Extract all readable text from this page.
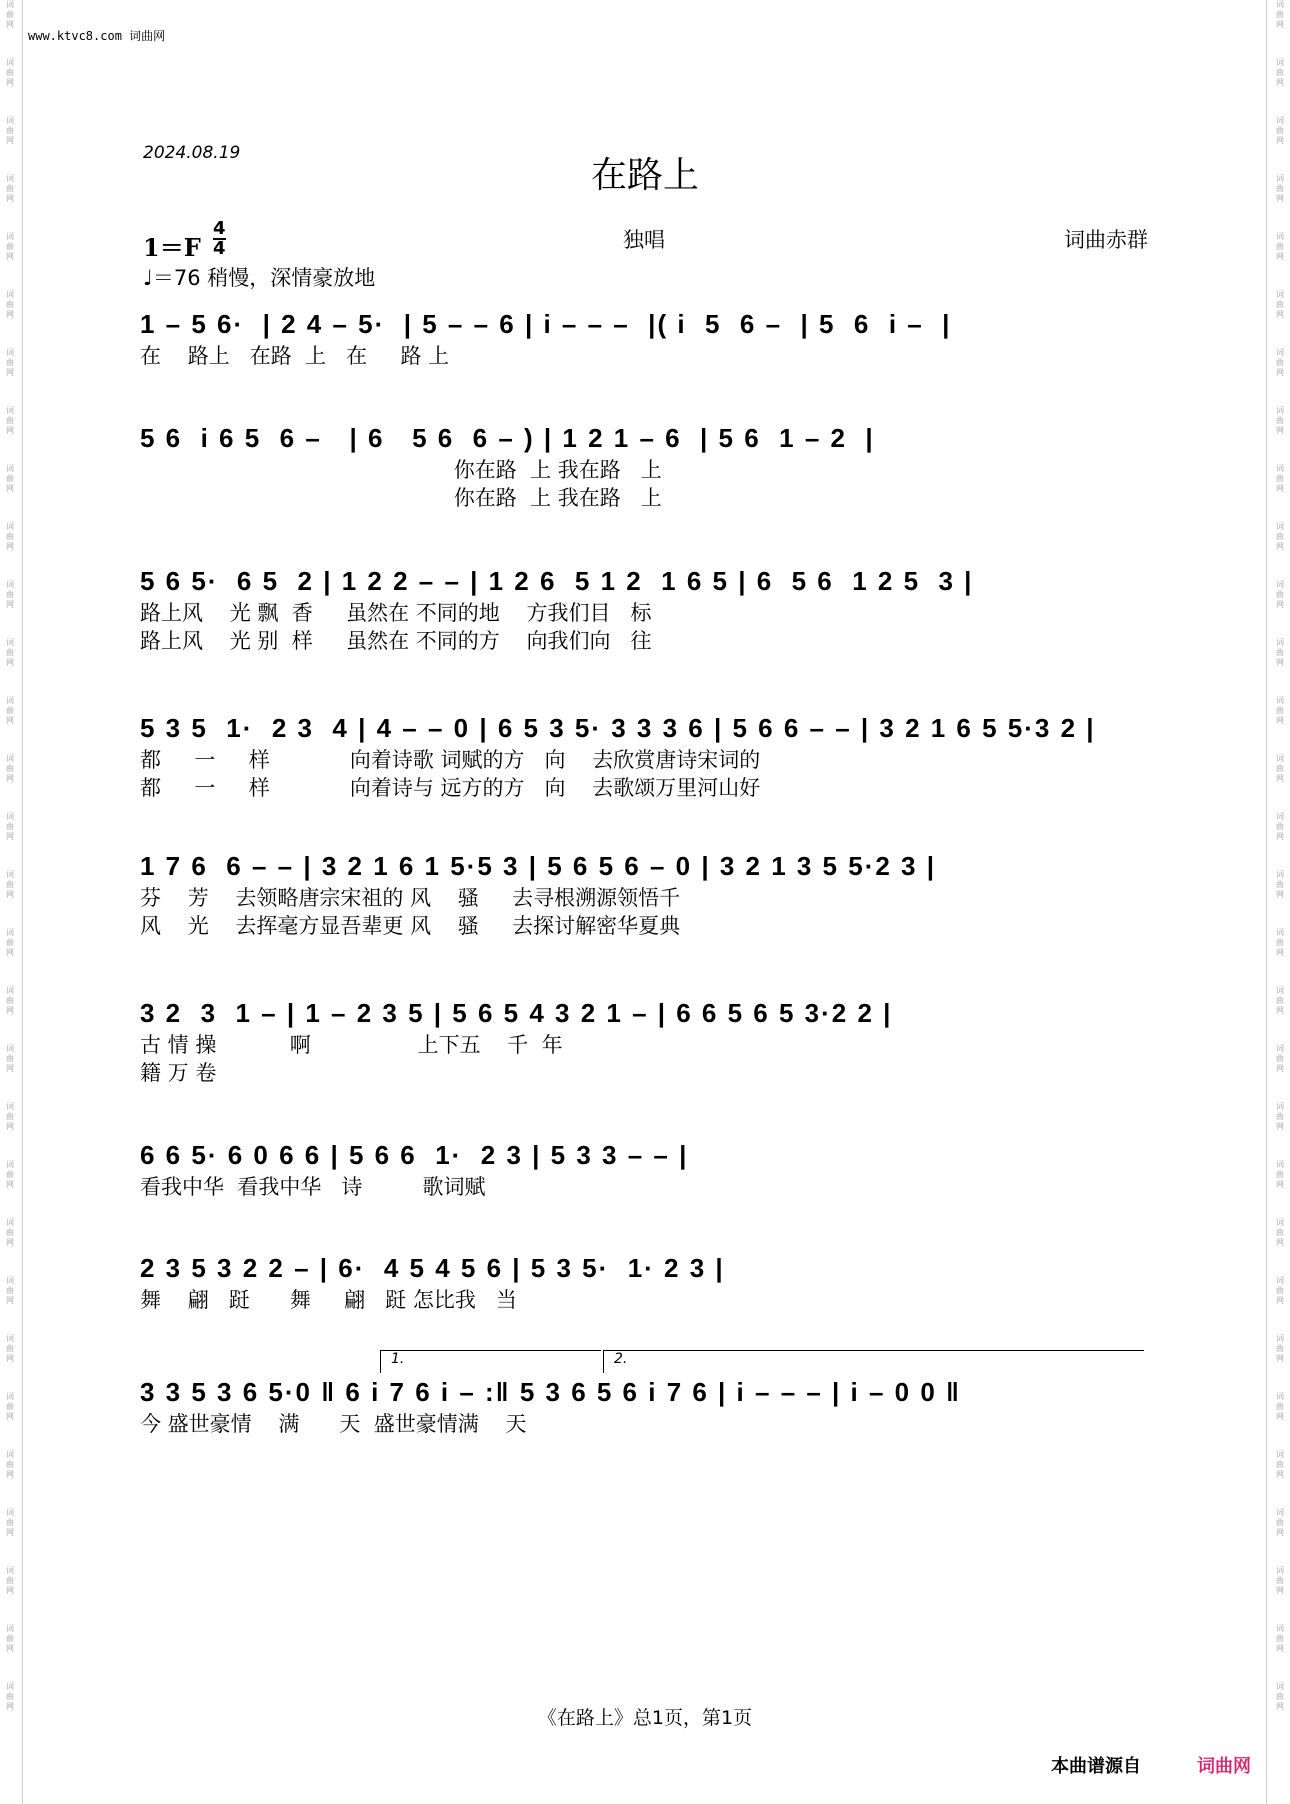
词曲网
词曲网
词曲网
词曲网
词曲网
词曲网
词曲网
词曲网
词曲网
词曲网
词曲网
词曲网
词曲网
词曲网
词曲网
词曲网
词曲网
词曲网
词曲网
词曲网
词曲网
词曲网
词曲网
词曲网
词曲网
词曲网
词曲网
词曲网
词曲网
词曲网
词曲网
词曲网
词曲网
词曲网
词曲网
词曲网
词曲网
词曲网
词曲网
词曲网
词曲网
词曲网
词曲网
词曲网
词曲网
词曲网
词曲网
词曲网
词曲网
词曲网
词曲网
词曲网
词曲网
词曲网
词曲网
词曲网
词曲网
词曲网
词曲网
词曲网
www.ktvc8.com 词曲网
2024.08.19
在路上
1＝F
4
4	独唱	词曲赤群
♩＝76 稍慢，深情豪放地
1 – 5 6·  | 2 4 – 5·  | 5 – – 6 | i – – –  |( i  5  6 –  | 5  6  i –  |
在    路上   在路  上   在     路 上
5 6  i 6 5  6 –   | 6   5 6  6 – ) | 1 2 1 – 6  | 5 6  1 – 2  |
你在路  上 我在路   上
你在路  上 我在路   上
5 6 5·  6 5  2 | 1 2 2 – – | 1 2 6  5 1 2  1 6 5 | 6  5 6  1 2 5  3 |
路上风    光 飘  香     虽然在 不同的地    方我们目   标
路上风    光 别  样     虽然在 不同的方    向我们向   往
5 3 5  1·  2 3  4 | 4 – – 0 | 6 5 3 5· 3 3 3 6 | 5 6 6 – – | 3 2 1 6 5 5·3 2 |
都     一     样            向着诗歌 词赋的方   向    去欣赏唐诗宋词的
都     一     样            向着诗与 远方的方   向    去歌颂万里河山好
1 7 6  6 – – | 3 2 1 6 1 5·5 3 | 5 6 5 6 – 0 | 3 2 1 3 5 5·2 3 |
芬    芳    去领略唐宗宋祖的 风    骚     去寻根溯源领悟千
风    光    去挥毫方显吾辈更 风    骚     去探讨解密华夏典
3 2  3  1 – | 1 – 2 3 5 | 5 6 5 4 3 2 1 – | 6 6 5 6 5 3·2 2 |
古 情 操           啊                上下五    千  年
籍 万 卷
6 6 5· 6 0 6 6 | 5 6 6  1·  2 3 | 5 3 3 – – |
看我中华  看我中华   诗         歌词赋
2 3 5 3 2 2 – | 6·  4 5 4 5 6 | 5 3 5·  1· 2 3 |
舞    翩   跹      舞     翩   跹 怎比我   当
1.	2.
3 3 5 3 6 5·0 ‖ 6 i 7 6 i – :‖ 5 3 6 5 6 i 7 6 | i – – – | i – 0 0 ‖
今 盛世豪情    满      天  盛世豪情满    天
《在路上》总1页，第1页
本曲谱源自	词曲网
